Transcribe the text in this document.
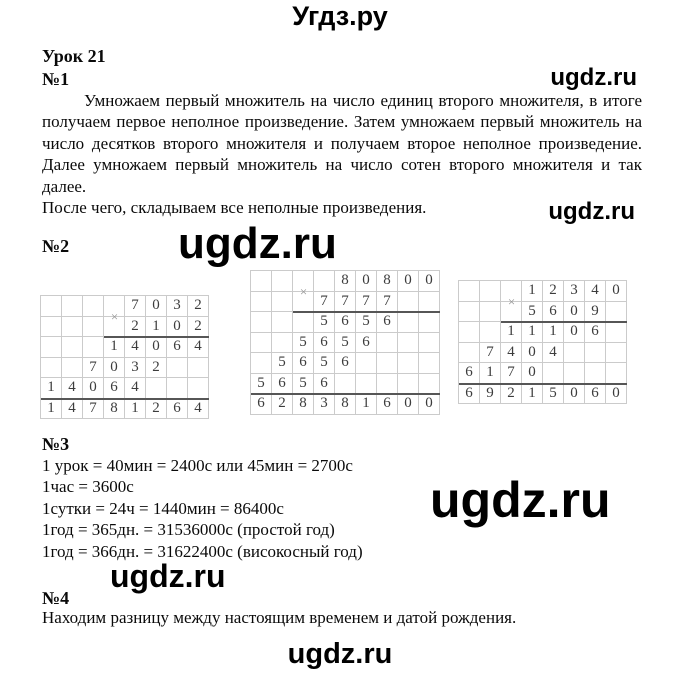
Угдз.ру
ugdz.ru
Урок 21
№1

Умножаем первый множитель на число единиц второго множителя, в итоге получаем первое неполное произведение. Затем умножаем первый множитель на число десятков второго множителя и получаем второе неполное произведение. Далее умножаем первый множитель на число сотен второго множителя и так далее.

После чего, складываем все неполные произведения.	ugdz.ru
№2 ugdz.ru
7 0 3 2
2 1 0 2
1 4 0 6 4
7 0 3 2
1 4 0 6 4
1 4 7 8 1 2 6 4
×
8 0 8 0 0
7 7 7 7
5 6 5 6
5 6 5 6
5 6 5 6
5 6 5 6
6 2 8 3 8 1 6 0 0
×	1 2 3 4 0
5 6 0 9
1 1 1 0 6
7 4 0 4
6 1 7 0
6 9 2 1 5 0 6 0
×
№3
1 урок = 40мин = 2400с или 45мин = 2700с
1час = 3600с
1сутки = 24ч = 1440мин = 86400с
1год = 365дн. = 31536000с (простой год)
1год = 366дн. = 31622400с (високосный год)
ugdz.ru
ugdz.ru
№4
Находим разницу между настоящим временем и датой рождения.
ugdz.ru
